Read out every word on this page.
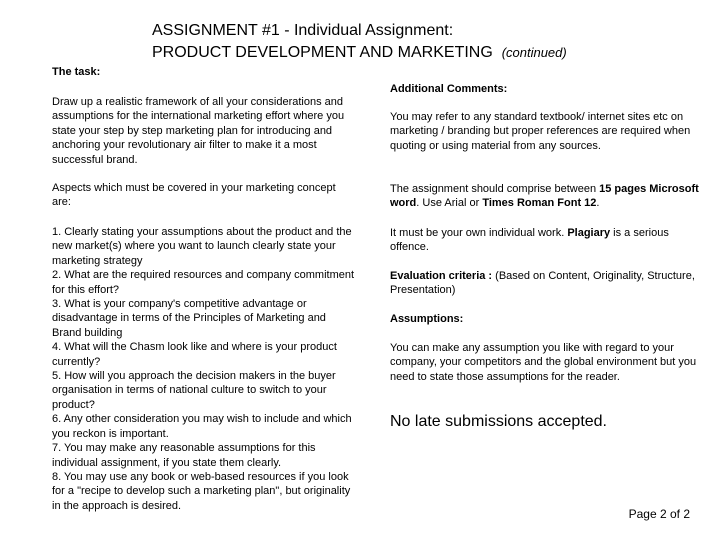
ASSIGNMENT #1 - Individual Assignment:
PRODUCT DEVELOPMENT AND MARKETING (continued)
The task:
Draw up a realistic framework of all your considerations and assumptions for the international marketing effort where you state your step by step marketing plan for introducing and anchoring your revolutionary air filter to make it a most successful brand.
Aspects which must be covered in your marketing concept are:
1. Clearly stating your assumptions about the product and the new market(s) where you want to launch clearly state your marketing strategy
2. What are the required resources and company commitment for this effort?
3. What is your company's competitive advantage or disadvantage in terms of the Principles of Marketing and Brand building
4. What will the Chasm look like and where is your product currently?
5. How will you approach the decision makers in the buyer organisation in terms of national culture to switch to your product?
6. Any other consideration you may wish to include and which you reckon is important.
7. You may make any reasonable assumptions for this individual assignment, if you state them clearly.
8. You may use any book or web-based resources if you look for a "recipe to develop such a marketing plan", but originality in the approach is desired.
Additional Comments:
You may refer to any standard textbook/ internet sites etc on marketing / branding but proper references are required when quoting or using material from any sources.
The assignment should comprise between 15 pages Microsoft word. Use Arial or Times Roman Font 12.
It must be your own individual work. Plagiary is a serious offence.
Evaluation criteria : (Based on Content, Originality, Structure, Presentation)
Assumptions:
You can make any assumption you like with regard to your company, your competitors and the global environment but you need to state those assumptions for the reader.
No late submissions accepted.
Page 2 of 2
